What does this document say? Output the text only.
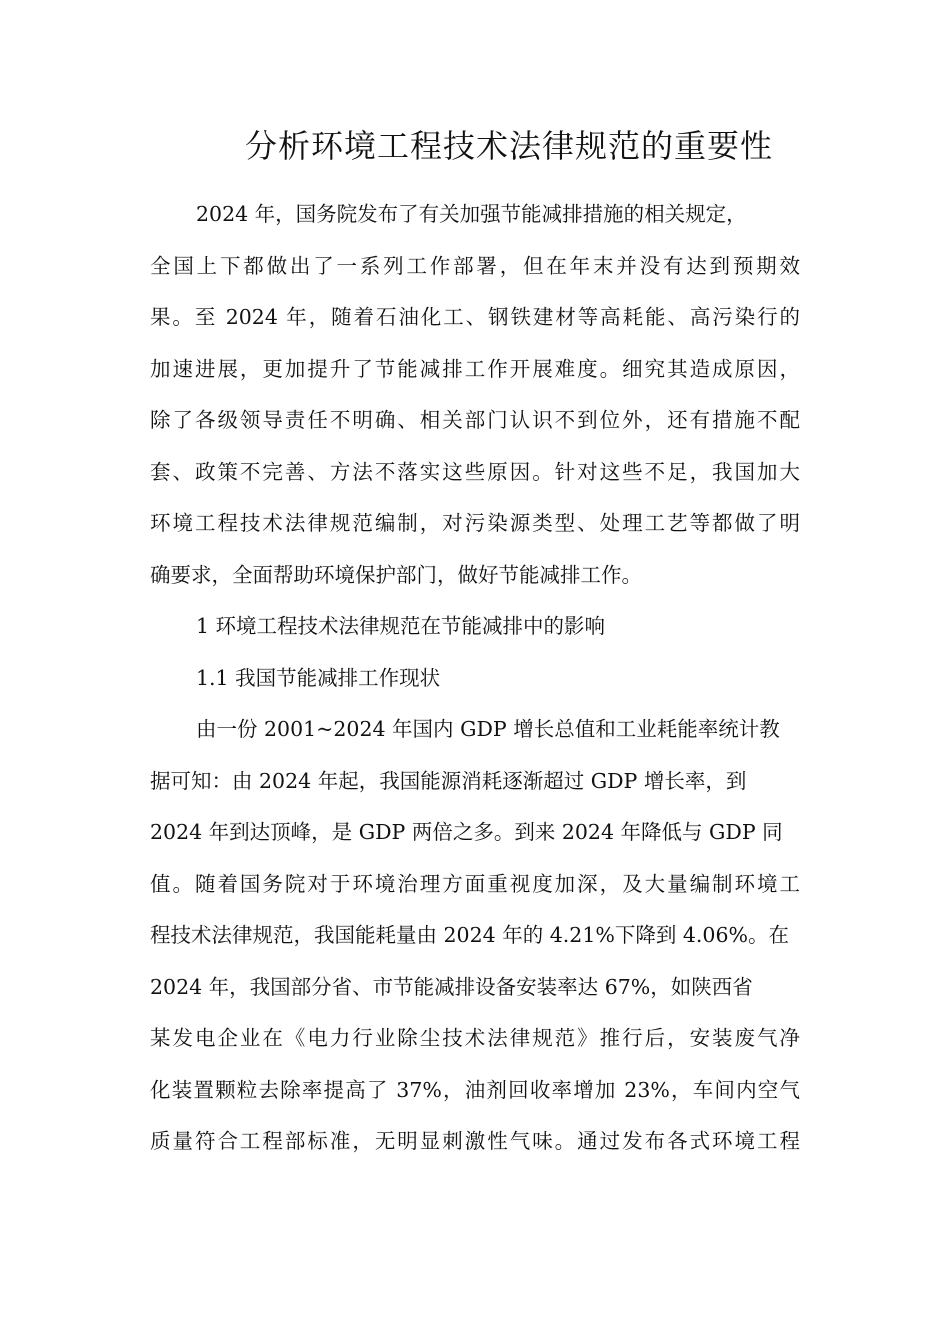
分析环境工程技术法律规范的重要性
2024 年，国务院发布了有关加强节能减排措施的相关规定，
全国上下都做出了一系列工作部署，但在年末并没有达到预期效
果。至 2024 年，随着石油化工、钢铁建材等高耗能、高污染行的
加速进展，更加提升了节能减排工作开展难度。细究其造成原因，
除了各级领导责任不明确、相关部门认识不到位外，还有措施不配
套、政策不完善、方法不落实这些原因。针对这些不足，我国加大
环境工程技术法律规范编制，对污染源类型、处理工艺等都做了明
确要求，全面帮助环境保护部门，做好节能减排工作。
1 环境工程技术法律规范在节能减排中的影响
1.1 我国节能减排工作现状
由一份 2001~2024 年国内 GDP 增长总值和工业耗能率统计教
据可知：由 2024 年起，我国能源消耗逐渐超过 GDP 增长率，到
2024 年到达顶峰，是 GDP 两倍之多。到来 2024 年降低与 GDP 同
值。随着国务院对于环境治理方面重视度加深，及大量编制环境工
程技术法律规范，我国能耗量由 2024 年的 4.21%下降到 4.06%。在
2024 年，我国部分省、市节能减排设备安装率达 67%，如陕西省
某发电企业在《电力行业除尘技术法律规范》推行后，安装废气净
化装置颗粒去除率提高了 37%，油剂回收率增加 23%，车间内空气
质量符合工程部标准，无明显刺激性气味。通过发布各式环境工程
